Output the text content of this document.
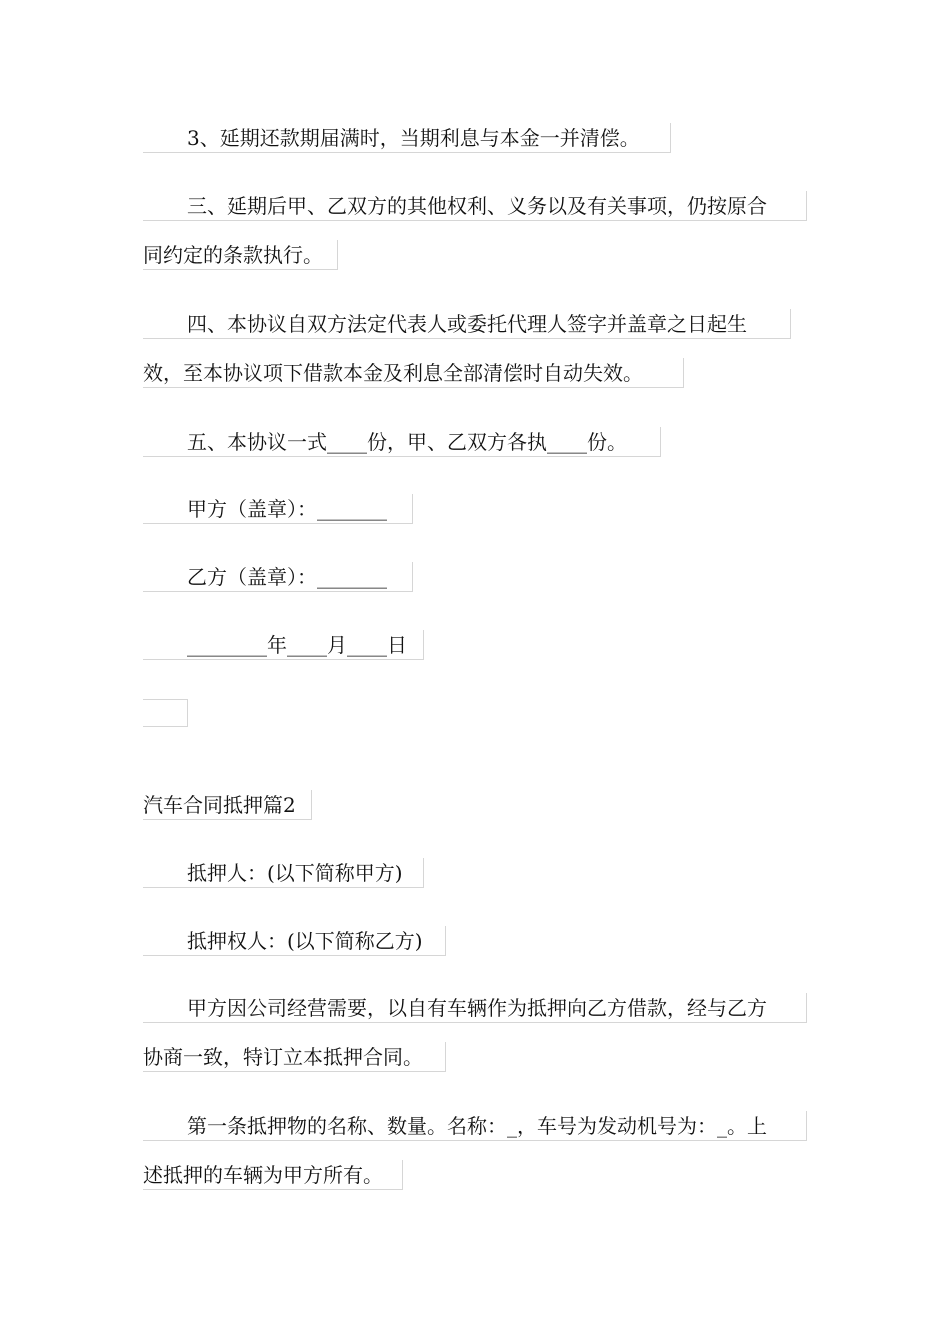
3、延期还款期届满时，当期利息与本金一并清偿。
三、延期后甲、乙双方的其他权利、义务以及有关事项，仍按原合
同约定的条款执行。
四、本协议自双方法定代表人或委托代理人签字并盖章之日起生
效，至本协议项下借款本金及利息全部清偿时自动失效。
五、本协议一式____份，甲、乙双方各执____份。
甲方（盖章）：_______
乙方（盖章）：_______
________年____月____日
汽车合同抵押篇2
抵押人：(以下简称甲方)
抵押权人：(以下简称乙方)
甲方因公司经营需要，以自有车辆作为抵押向乙方借款，经与乙方
协商一致，特订立本抵押合同。
第一条抵押物的名称、数量。名称：_，车号为发动机号为：_。上
述抵押的车辆为甲方所有。
